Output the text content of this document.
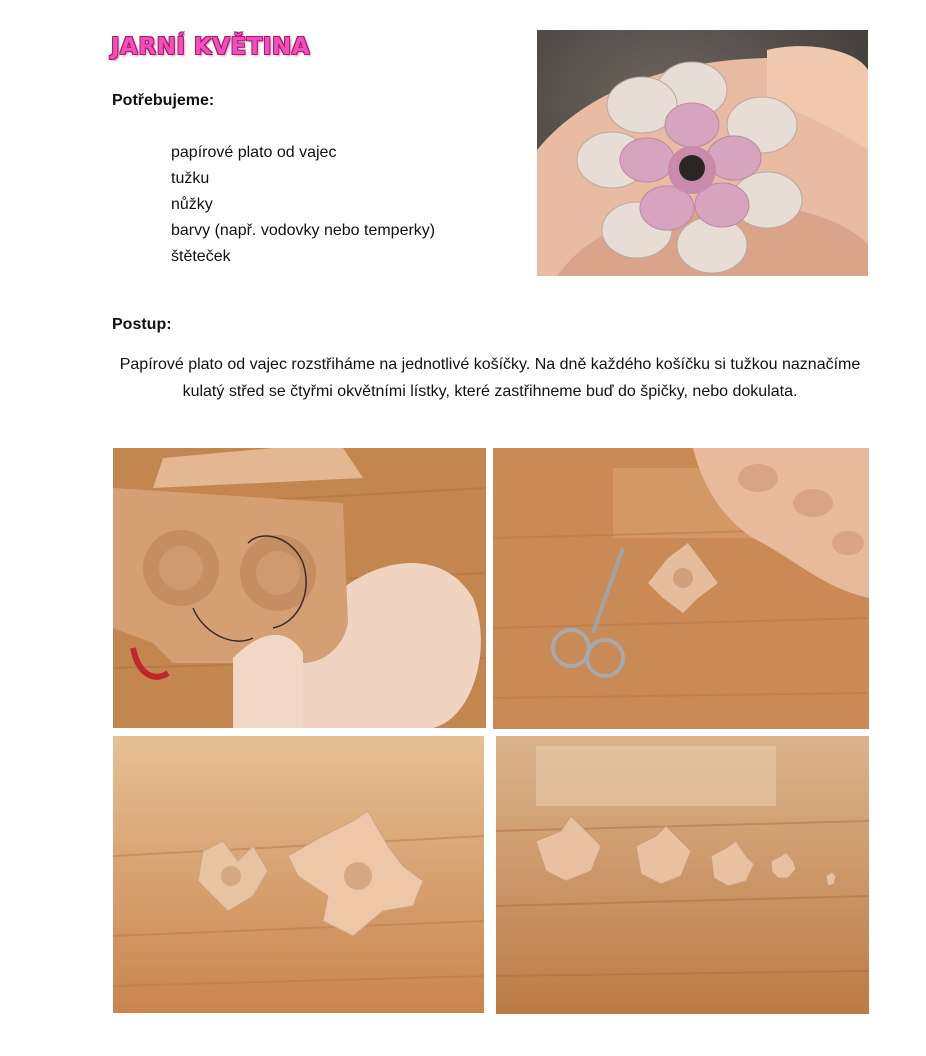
JARNÍ KVĚTINA
Potřebujeme:
papírové plato od vajec
tužku
nůžky
barvy (např. vodovky nebo temperky)
štěteček
Postup:

Papírové plato od vajec rozstřiháme na jednotlivé košíčky. Na dně každého košíčku si tužkou naznačíme kulatý střed se čtyřmi okvětními lístky, které zastřihneme buď do špičky, nebo dokulata.
